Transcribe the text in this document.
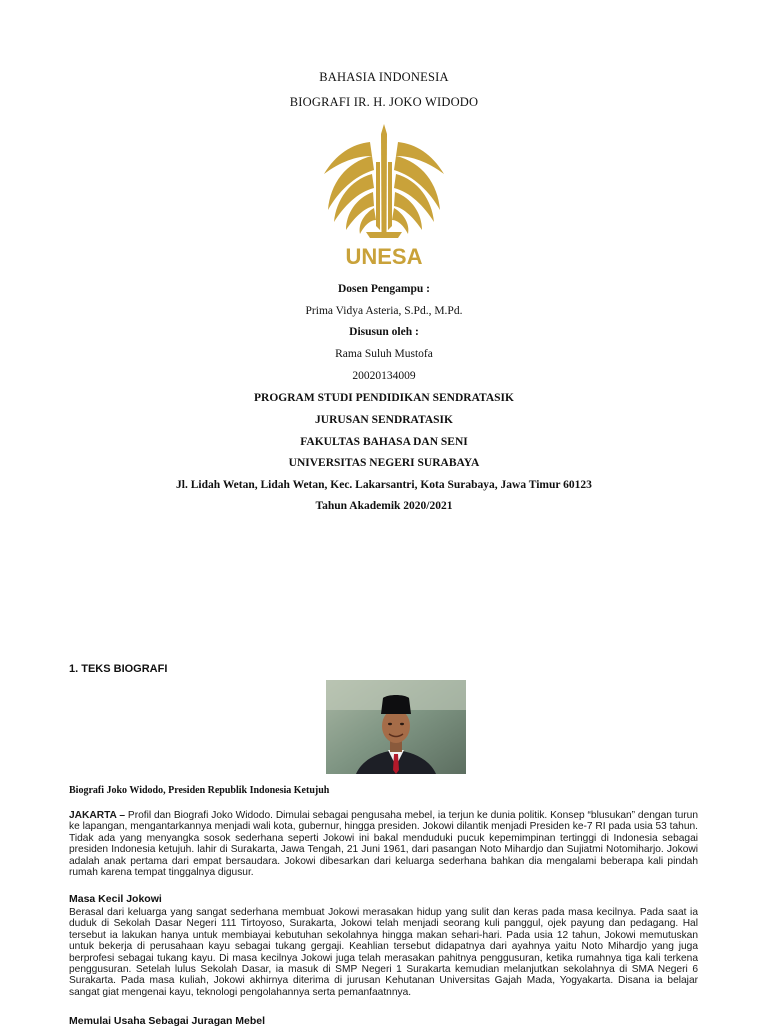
BAHASIA INDONESIA
BIOGRAFI IR. H. JOKO WIDODO
UNESA
Dosen Pengampu :
Prima Vidya Asteria, S.Pd., M.Pd.
Disusun oleh :
Rama Suluh Mustofa
20020134009
PROGRAM STUDI PENDIDIKAN SENDRATASIK
JURUSAN SENDRATASIK
FAKULTAS BAHASA DAN SENI
UNIVERSITAS NEGERI SURABAYA
Jl. Lidah Wetan, Lidah Wetan, Kec. Lakarsantri, Kota Surabaya, Jawa Timur 60123
Tahun Akademik 2020/2021
1. TEKS BIOGRAFI
Biografi Joko Widodo, Presiden Republik Indonesia Ketujuh
JAKARTA – Profil dan Biografi Joko Widodo. Dimulai sebagai pengusaha mebel, ia terjun ke dunia politik. Konsep “blusukan” dengan turun ke lapangan, mengantarkannya menjadi wali kota, gubernur, hingga presiden. Jokowi dilantik menjadi Presiden ke-7 RI pada usia 53 tahun. Tidak ada yang menyangka sosok sederhana seperti Jokowi ini bakal menduduki pucuk kepemimpinan tertinggi di Indonesia sebagai presiden Indonesia ketujuh. lahir di Surakarta, Jawa Tengah, 21 Juni 1961, dari pasangan Noto Mihardjo dan Sujiatmi Notomiharjo. Jokowi adalah anak pertama dari empat bersaudara. Jokowi dibesarkan dari keluarga sederhana bahkan dia mengalami beberapa kali pindah rumah karena tempat tinggalnya digusur.
Masa Kecil Jokowi
Berasal dari keluarga yang sangat sederhana membuat Jokowi merasakan hidup yang sulit dan keras pada masa kecilnya. Pada saat ia duduk di Sekolah Dasar Negeri 111 Tirtoyoso, Surakarta, Jokowi telah menjadi seorang kuli panggul, ojek payung dan pedagang. Hal tersebut ia lakukan hanya untuk membiayai kebutuhan sekolahnya hingga makan sehari-hari. Pada usia 12 tahun, Jokowi memutuskan untuk bekerja di perusahaan kayu sebagai tukang gergaji. Keahlian tersebut didapatnya dari ayahnya yaitu Noto Mihardjo yang juga berprofesi sebagai tukang kayu. Di masa kecilnya Jokowi juga telah merasakan pahitnya penggusuran, ketika rumahnya tiga kali terkena penggusuran. Setelah lulus Sekolah Dasar, ia masuk di SMP Negeri 1 Surakarta kemudian melanjutkan sekolahnya di SMA Negeri 6 Surakarta. Pada masa kuliah, Jokowi akhirnya diterima di jurusan Kehutanan Universitas Gajah Mada, Yogyakarta. Disana ia belajar sangat giat mengenai kayu, teknologi pengolahannya serta pemanfaatnnya.
Memulai Usaha Sebagai Juragan Mebel
